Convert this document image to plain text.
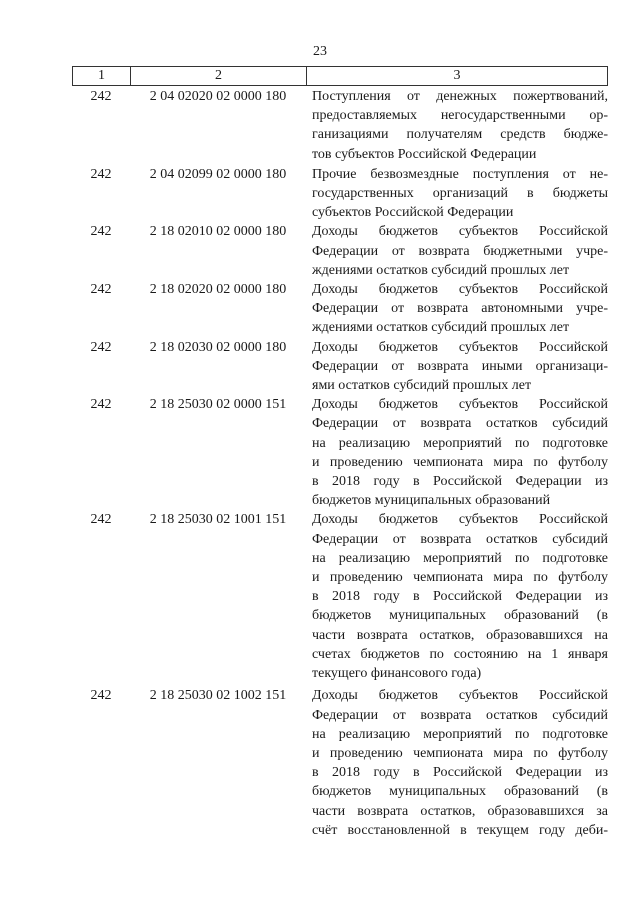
23
1	2	3
242	2 04 02020 02 0000 180	Поступления от денежных пожертвований,
предоставляемых негосударственными ор-
ганизациями получателям средств бюдже-
тов субъектов Российской Федерации
242	2 04 02099 02 0000 180	Прочие безвозмездные поступления от не-
государственных организаций в бюджеты
субъектов Российской Федерации
242	2 18 02010 02 0000 180	Доходы бюджетов субъектов Российской
Федерации от возврата бюджетными учре-
ждениями остатков субсидий прошлых лет
242	2 18 02020 02 0000 180	Доходы бюджетов субъектов Российской
Федерации от возврата автономными учре-
ждениями остатков субсидий прошлых лет
242	2 18 02030 02 0000 180	Доходы бюджетов субъектов Российской
Федерации от возврата иными организаци-
ями остатков субсидий прошлых лет
242	2 18 25030 02 0000 151	Доходы бюджетов субъектов Российской
Федерации от возврата остатков субсидий
на реализацию мероприятий по подготовке
и проведению чемпионата мира по футболу
в 2018 году в Российской Федерации из
бюджетов муниципальных образований
242	2 18 25030 02 1001 151	Доходы бюджетов субъектов Российской
Федерации от возврата остатков субсидий
на реализацию мероприятий по подготовке
и проведению чемпионата мира по футболу
в 2018 году в Российской Федерации из
бюджетов муниципальных образований (в
части возврата остатков, образовавшихся на
счетах бюджетов по состоянию на 1 января
текущего финансового года)
242	2 18 25030 02 1002 151	Доходы бюджетов субъектов Российской
Федерации от возврата остатков субсидий
на реализацию мероприятий по подготовке
и проведению чемпионата мира по футболу
в 2018 году в Российской Федерации из
бюджетов муниципальных образований (в
части возврата остатков, образовавшихся за
счёт восстановленной в текущем году деби-
